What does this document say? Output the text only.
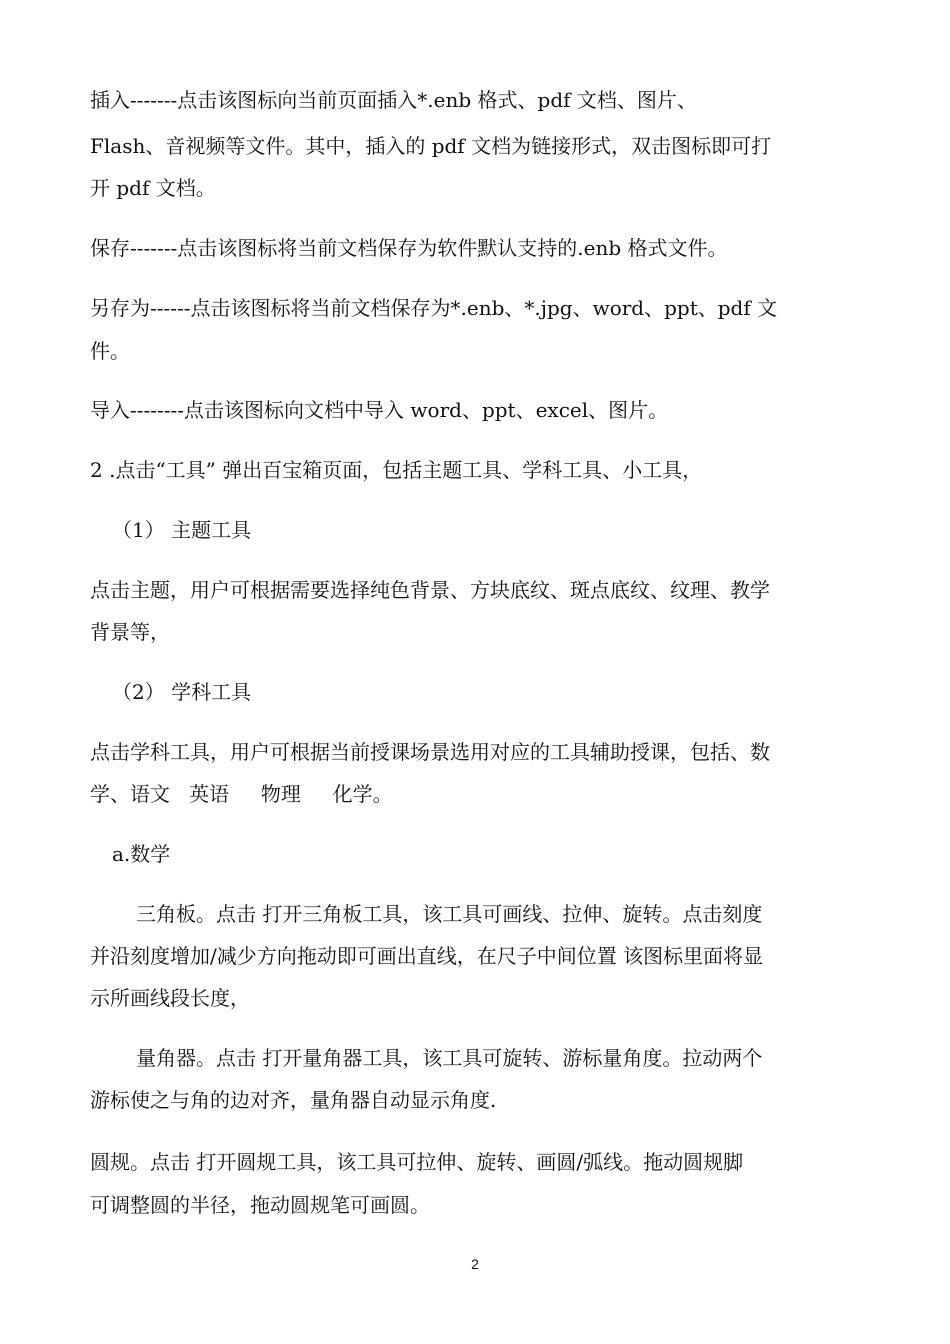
插入-------点击该图标向当前页面插入*.enb 格式、pdf 文档、图片、
Flash、音视频等文件。其中，插入的 pdf 文档为链接形式，双击图标即可打
开 pdf 文档。
保存-------点击该图标将当前文档保存为软件默认支持的.enb 格式文件。
另存为------点击该图标将当前文档保存为*.enb、*.jpg、word、ppt、pdf 文
件。
导入--------点击该图标向文档中导入 word、ppt、excel、图片。
2 .点击“工具” 弹出百宝箱页面，包括主题工具、学科工具、小工具，
（1） 主题工具
点击主题，用户可根据需要选择纯色背景、方块底纹、斑点底纹、纹理、教学
背景等，
（2） 学科工具
点击学科工具，用户可根据当前授课场景选用对应的工具辅助授课，包括、数
学、语文   英语     物理     化学。
a.数学
三角板。点击 打开三角板工具，该工具可画线、拉伸、旋转。点击刻度
并沿刻度增加/减少方向拖动即可画出直线，在尺子中间位置 该图标里面将显
示所画线段长度，
量角器。点击 打开量角器工具，该工具可旋转、游标量角度。拉动两个
游标使之与角的边对齐，量角器自动显示角度.
圆规。点击 打开圆规工具，该工具可拉伸、旋转、画圆/弧线。拖动圆规脚
可调整圆的半径，拖动圆规笔可画圆。
2
